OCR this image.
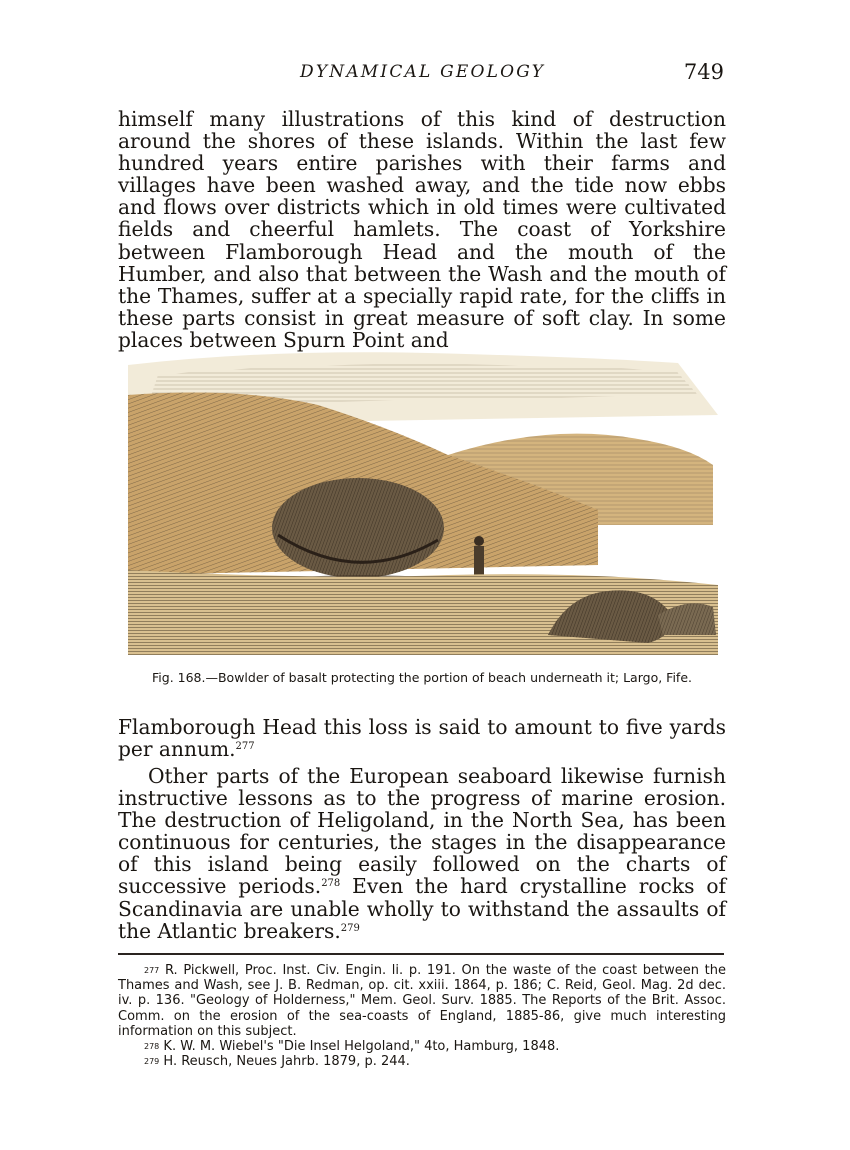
DYNAMICAL GEOLOGY	749

himself many illustrations of this kind of destruction around the shores of these islands. Within the last few hundred years entire parishes with their farms and villages have been washed away, and the tide now ebbs and flows over districts which in old times were cultivated fields and cheerful hamlets. The coast of Yorkshire between Flamborough Head and the mouth of the Humber, and also that between the Wash and the mouth of the Thames, suffer at a specially rapid rate, for the cliffs in these parts consist in great measure of soft clay. In some places between Spurn Point and

Fig. 168.—Bowlder of basalt protecting the portion of beach underneath it; Largo, Fife.

Flamborough Head this loss is said to amount to five yards per annum.$^{277}$

Other parts of the European seaboard likewise furnish instructive lessons as to the progress of marine erosion. The destruction of Heligoland, in the North Sea, has been continuous for centuries, the stages in the disappearance of this island being easily followed on the charts of successive periods.$^{278}$ Even the hard crystalline rocks of Scandinavia are unable wholly to withstand the assaults of the Atlantic breakers.$^{279}$

$^{277}$ R. Pickwell, Proc. Inst. Civ. Engin. li. p. 191. On the waste of the coast between the Thames and Wash, see J. B. Redman, op. cit. xxiii. 1864, p. 186; C. Reid, Geol. Mag. 2d dec. iv. p. 136. "Geology of Holderness," Mem. Geol. Surv. 1885. The Reports of the Brit. Assoc. Comm. on the erosion of the sea-coasts of England, 1885-86, give much interesting information on this subject.

$^{278}$ K. W. M. Wiebel's "Die Insel Helgoland," 4to, Hamburg, 1848.

$^{279}$ H. Reusch, Neues Jahrb. 1879, p. 244.
